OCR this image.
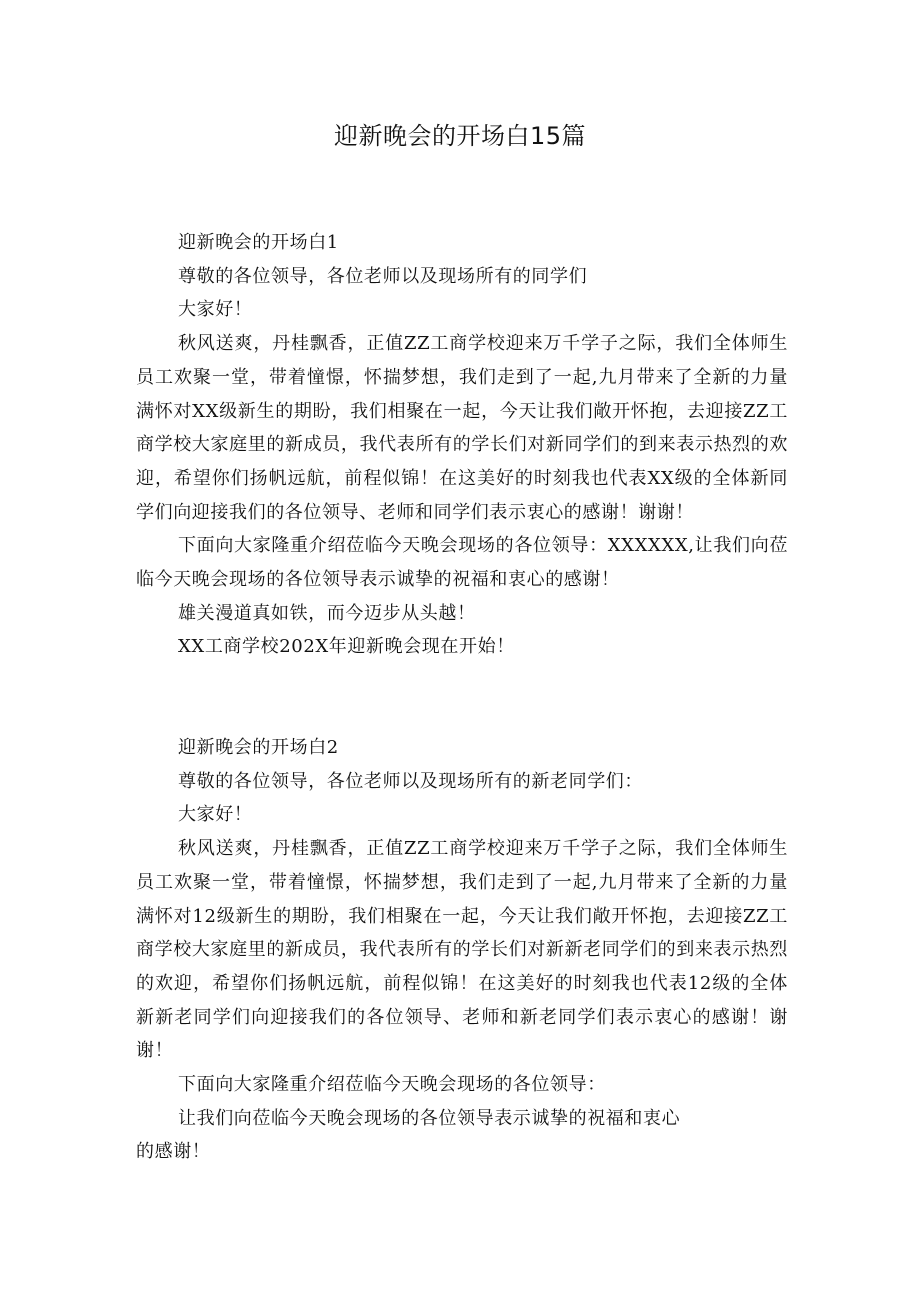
迎新晚会的开场白15篇

迎新晚会的开场白1

尊敬的各位领导，各位老师以及现场所有的同学们

大家好！

秋风送爽，丹桂飘香，正值ZZ工商学校迎来万千学子之际，我们全体师生员工欢聚一堂，带着憧憬，怀揣梦想，我们走到了一起,九月带来了全新的力量满怀对XX级新生的期盼，我们相聚在一起，今天让我们敞开怀抱，去迎接ZZ工商学校大家庭里的新成员，我代表所有的学长们对新同学们的到来表示热烈的欢迎，希望你们扬帆远航，前程似锦！在这美好的时刻我也代表XX级的全体新同学们向迎接我们的各位领导、老师和同学们表示衷心的感谢！谢谢！

下面向大家隆重介绍莅临今天晚会现场的各位领导：XXXXXX,让我们向莅临今天晚会现场的各位领导表示诚挚的祝福和衷心的感谢！

雄关漫道真如铁，而今迈步从头越！

XX工商学校202X年迎新晚会现在开始！

迎新晚会的开场白2

尊敬的各位领导，各位老师以及现场所有的新老同学们：

大家好！

秋风送爽，丹桂飘香，正值ZZ工商学校迎来万千学子之际，我们全体师生员工欢聚一堂，带着憧憬，怀揣梦想，我们走到了一起,九月带来了全新的力量满怀对12级新生的期盼，我们相聚在一起，今天让我们敞开怀抱，去迎接ZZ工商学校大家庭里的新成员，我代表所有的学长们对新新老同学们的到来表示热烈的欢迎，希望你们扬帆远航，前程似锦！在这美好的时刻我也代表12级的全体新新老同学们向迎接我们的各位领导、老师和新老同学们表示衷心的感谢！谢谢！

下面向大家隆重介绍莅临今天晚会现场的各位领导：

让我们向莅临今天晚会现场的各位领导表示诚挚的祝福和衷心
的感谢！
